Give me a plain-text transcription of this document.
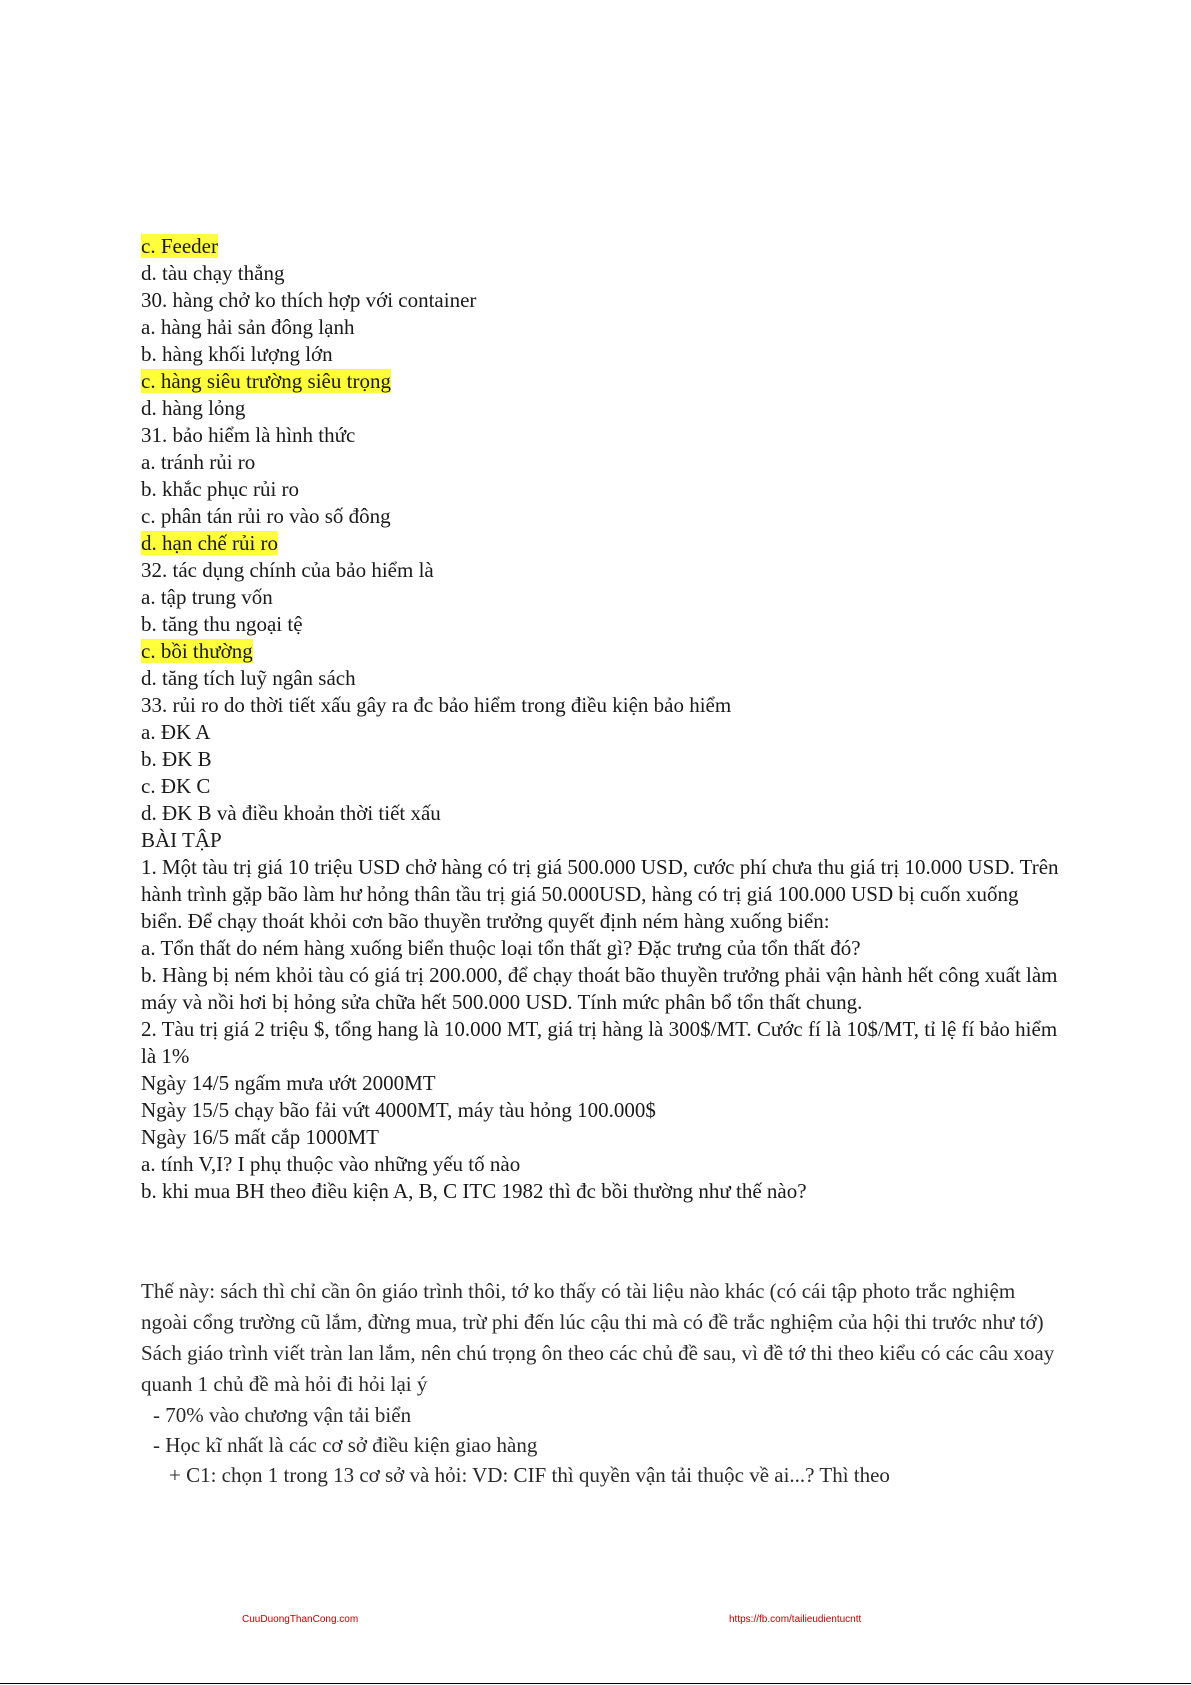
c. Feeder
d. tàu chạy thẳng
30. hàng chở ko thích hợp với container
a. hàng hải sản đông lạnh
b. hàng khối lượng lớn
c. hàng siêu trường siêu trọng
d. hàng lỏng
31. bảo hiểm là hình thức
a. tránh rủi ro
b. khắc phục rủi ro
c. phân tán rủi ro vào số đông
d. hạn chế rủi ro
32. tác dụng chính của bảo hiểm là
a. tập trung vốn
b. tăng thu ngoại tệ
c. bồi thường
d. tăng tích luỹ ngân sách
33. rủi ro do thời tiết xấu gây ra đc bảo hiểm trong điều kiện bảo hiểm
a. ĐK A
b. ĐK B
c. ĐK C
d. ĐK B và điều khoản thời tiết xấu
BÀI TẬP
1. Một tàu trị giá 10 triệu USD chở hàng có trị giá 500.000 USD, cước phí chưa thu giá trị 10.000 USD. Trên hành trình gặp bão làm hư hỏng thân tầu trị giá 50.000USD, hàng có trị giá 100.000 USD bị cuốn xuống biển. Để chạy thoát khỏi cơn bão thuyền trưởng quyết định ném hàng xuống biển:
a. Tổn thất do ném hàng xuống biển thuộc loại tổn thất gì? Đặc trưng của tổn thất đó?
b. Hàng bị ném khỏi tàu có giá trị 200.000, để chạy thoát bão thuyền trưởng phải vận hành hết công xuất làm máy và nồi hơi bị hỏng sửa chữa hết 500.000 USD. Tính mức phân bổ tổn thất chung.
2. Tàu trị giá 2 triệu $, tổng hang là 10.000 MT, giá trị hàng là 300$/MT. Cước fí là 10$/MT, tỉ lệ fí bảo hiểm là 1%
Ngày 14/5 ngấm mưa ướt 2000MT
Ngày 15/5 chạy bão fải vứt 4000MT, máy tàu hỏng 100.000$
Ngày 16/5 mất cắp 1000MT
a. tính V,I? I phụ thuộc vào những yếu tố nào
b. khi mua BH theo điều kiện A, B, C ITC 1982 thì đc bồi thường như thế nào?
Thế này: sách thì chỉ cần ôn giáo trình thôi, tớ ko thấy có tài liệu nào khác (có cái tập photo trắc nghiệm ngoài cổng trường cũ lắm, đừng mua, trừ phi đến lúc cậu thi mà có đề trắc nghiệm của hội thi trước như tớ) Sách giáo trình viết tràn lan lắm, nên chú trọng ôn theo các chủ đề sau, vì đề tớ thi theo kiểu có các câu xoay quanh 1 chủ đề mà hỏi đi hỏi lại ý
- 70% vào chương vận tải biển
- Học kĩ nhất là các cơ sở điều kiện giao hàng
+ C1: chọn 1 trong 13 cơ sở và hỏi: VD: CIF thì quyền vận tải thuộc về ai...? Thì theo
CuuDuongThanCong.com	https://fb.com/tailieudientucntt
